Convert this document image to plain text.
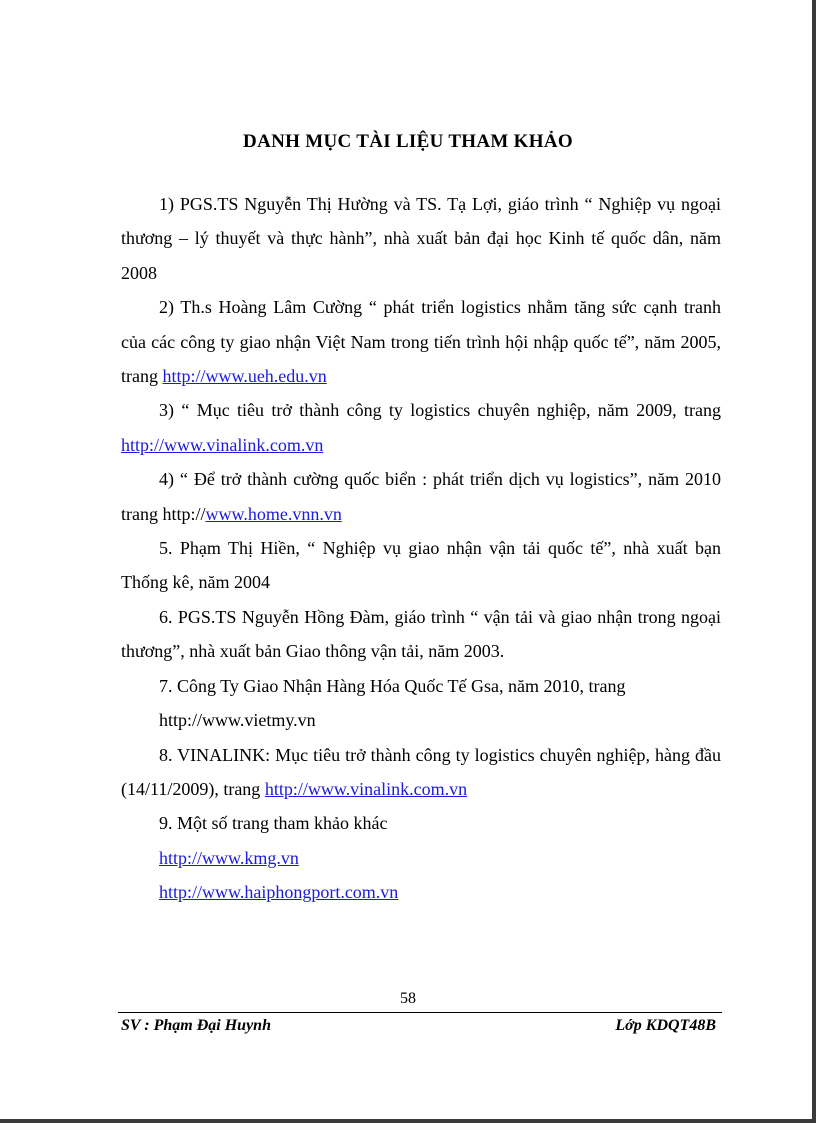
DANH MỤC TÀI LIỆU THAM KHẢO

1) PGS.TS Nguyễn Thị Hường và TS. Tạ Lợi, giáo trình “ Nghiệp vụ ngoại thương – lý thuyết và thực hành”, nhà xuất bản đại học Kinh tế quốc dân, năm 2008

2) Th.s Hoàng Lâm Cường “ phát triển logistics nhằm tăng sức cạnh tranh của các công ty giao nhận Việt Nam trong tiến trình hội nhập quốc tế”, năm 2005, trang http://www.ueh.edu.vn

3) “ Mục tiêu trở thành công ty logistics chuyên nghiệp, năm 2009, trang http://www.vinalink.com.vn

4) “ Để trở thành cường quốc biển : phát triển dịch vụ logistics”, năm 2010 trang http://www.home.vnn.vn

5. Phạm Thị Hiền, “ Nghiệp vụ giao nhận vận tải quốc tế”, nhà xuất bạn Thống kê, năm 2004

6. PGS.TS Nguyễn Hồng Đàm, giáo trình “ vận tải và giao nhận trong ngoại thương”, nhà xuất bản Giao thông vận tải, năm 2003.

7. Công Ty Giao Nhận Hàng Hóa Quốc Tế Gsa, năm 2010, trang

http://www.vietmy.vn

8. VINALINK: Mục tiêu trở thành công ty logistics chuyên nghiệp, hàng đầu (14/11/2009), trang http://www.vinalink.com.vn

9. Một số trang tham khảo khác

http://www.kmg.vn

http://www.haiphongport.com.vn

58
SV : Phạm Đại Huynh	Lớp KDQT48B
